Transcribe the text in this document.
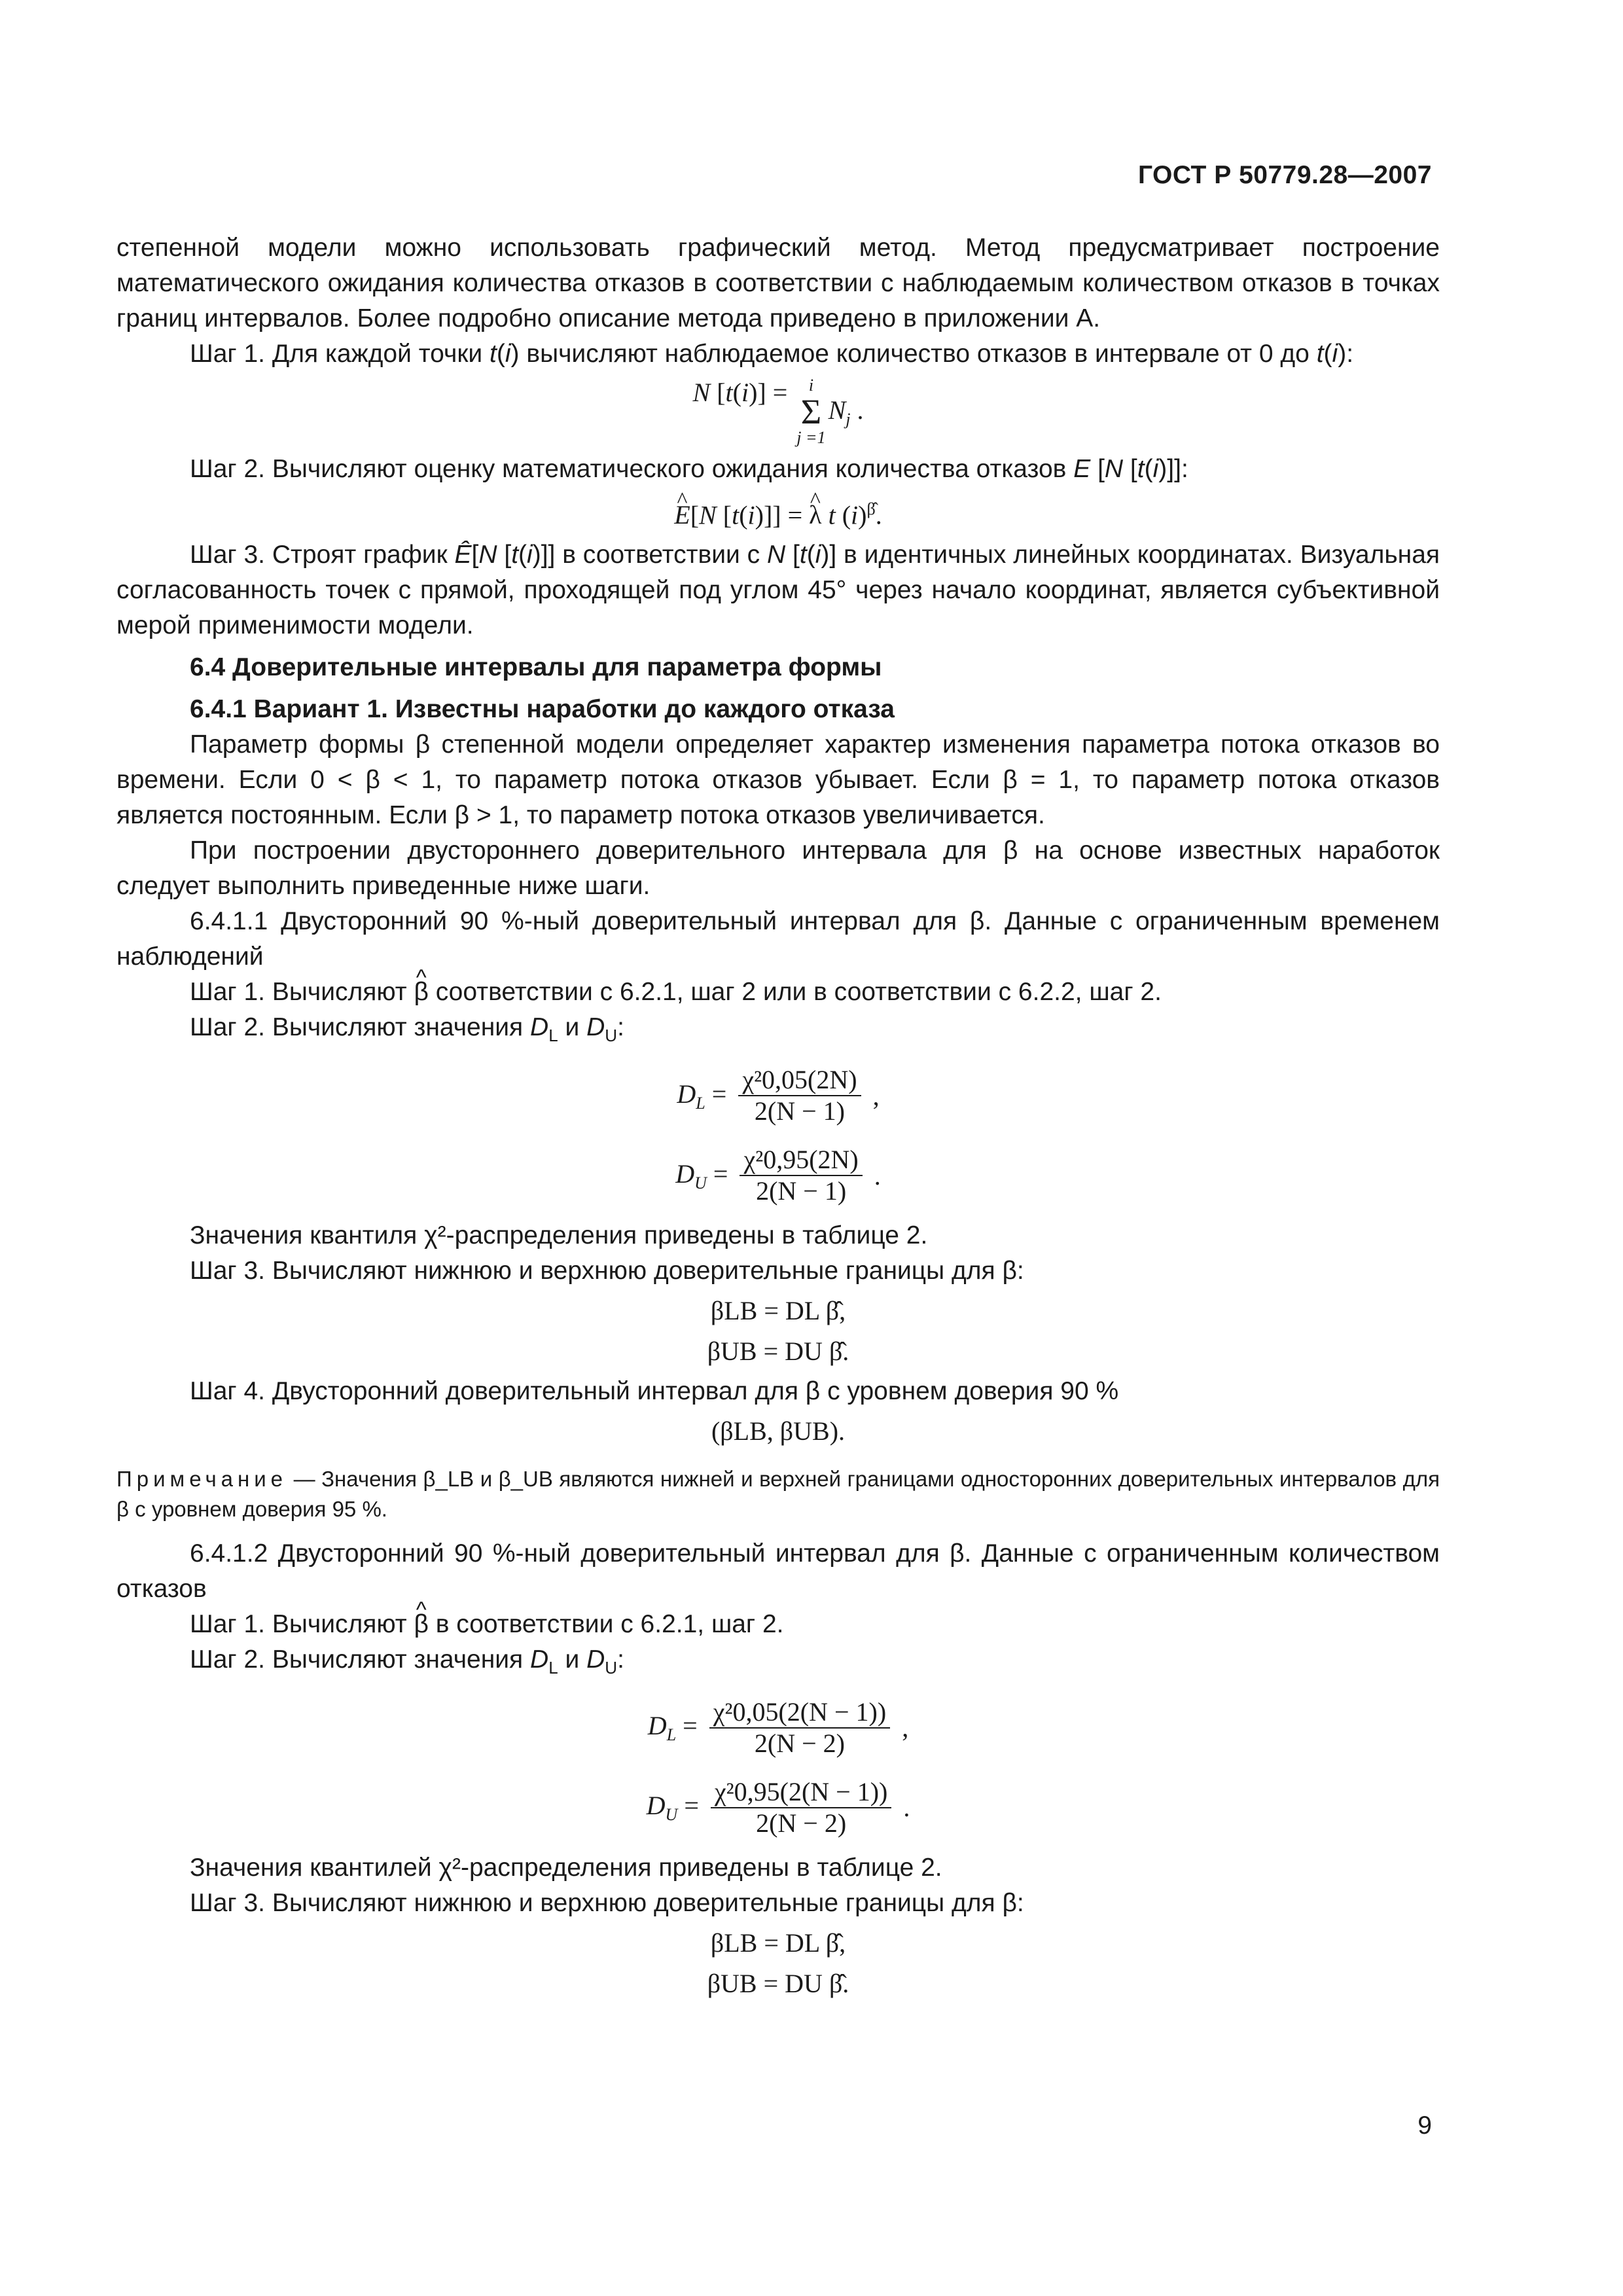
ГОСТ Р 50779.28—2007

степенной модели можно использовать графический метод. Метод предусматривает построение математического ожидания количества отказов в соответствии с наблюдаемым количеством отказов в точках границ интервалов. Более подробно описание метода приведено в приложении А.

Шаг 1. Для каждой точки t(i) вычисляют наблюдаемое количество отказов в интервале от 0 до t(i):

N [t(i)] = i
Σ
j =1
$N_j$ .

Шаг 2. Вычисляют оценку математического ожидания количества отказов E [N [t(i)]]:

^ E[N [t(i)]] = ^ λ t $(i)^{\betâ}$.

Шаг 3. Строят график Ê[N [t(i)]] в соответствии с N [t(i)] в идентичных линейных координатах. Визуальная согласованность точек с прямой, проходящей под углом 45° через начало координат, является субъективной мерой применимости модели.

6.4 Доверительные интервалы для параметра формы

6.4.1 Вариант 1. Известны наработки до каждого отказа

Параметр формы β степенной модели определяет характер изменения параметра потока отказов во времени. Если 0 < β < 1, то параметр потока отказов убывает. Если β = 1, то параметр потока отказов является постоянным. Если β > 1, то параметр потока отказов увеличивается.

При построении двустороннего доверительного интервала для β на основе известных наработок следует выполнить приведенные ниже шаги.

6.4.1.1 Двусторонний 90 %-ный доверительный интервал для β. Данные с ограниченным временем наблюдений

Шаг 1. Вычисляют ^ β соответствии с 6.2.1, шаг 2 или в соответствии с 6.2.2, шаг 2.

Шаг 2. Вычисляют значения $D_L$ и $D_U$:

$D_L = \frac{\text{χ²0,05(2N)}}{2(N - 1)}$ ,
$D_U = \frac{\text{χ²0,95(2N)}}{2(N - 1)}$ .

Значения квантиля χ²-распределения приведены в таблице 2.

Шаг 3. Вычисляют нижнюю и верхнюю доверительные границы для β:

βLB = DL β̂,
βUB = DU β̂.

Шаг 4. Двусторонний доверительный интервал для β с уровнем доверия 90 %

(βLB, βUB).

Примечание — Значения β_LB и β_UB являются нижней и верхней границами односторонних доверительных интервалов для β с уровнем доверия 95 %.

6.4.1.2 Двусторонний 90 %-ный доверительный интервал для β. Данные с ограниченным количеством отказов

Шаг 1. Вычисляют ^ β в соответствии с 6.2.1, шаг 2.

Шаг 2. Вычисляют значения $D_L$ и $D_U$:

$D_L = \frac{\text{χ²0,05(2(N − 1))}}{2(N - 2)}$ ,
$D_U = \frac{\text{χ²0,95(2(N − 1))}}{2(N - 2)}$ .

Значения квантилей χ²-распределения приведены в таблице 2.

Шаг 3. Вычисляют нижнюю и верхнюю доверительные границы для β:

βLB = DL β̂,
βUB = DU β̂.
9
